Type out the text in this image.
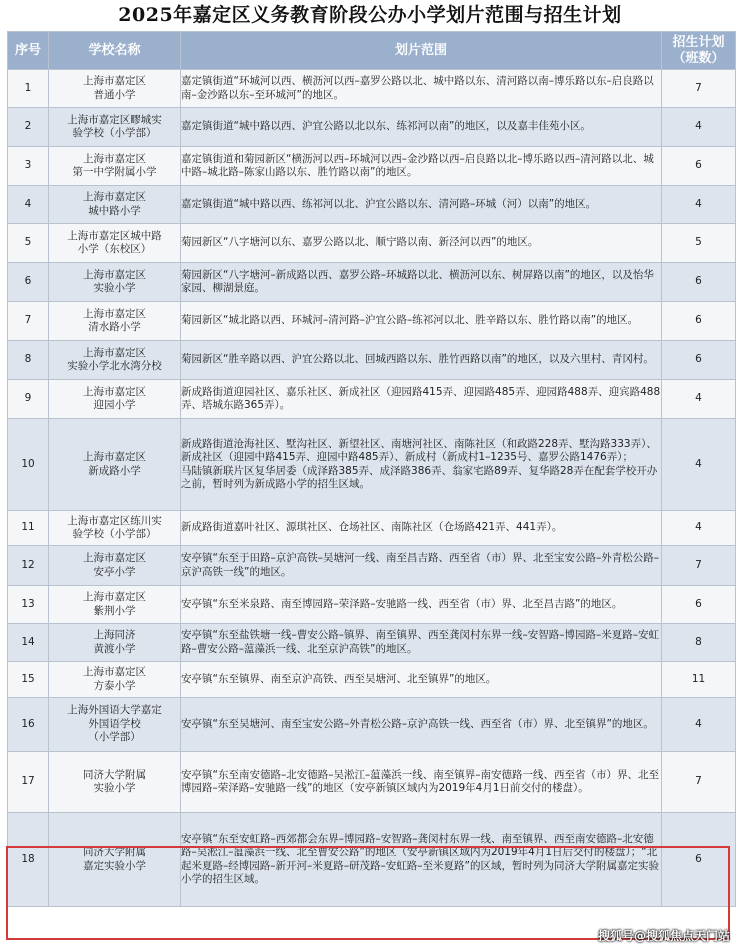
2025年嘉定区义务教育阶段公办小学划片范围与招生计划
序号	学校名称	划片范围	招生计划
（班数）

1	上海市嘉定区
普通小学	嘉定镇街道“环城河以西、横沥河以西–嘉罗公路以北、城中路以东、清河路以南–博乐路以东–启良路以南–金沙路以东–至环城河”的地区。	7
2	上海市嘉定区疁城实
验学校（小学部）	嘉定镇街道“城中路以西、沪宜公路以北以东、练祁河以南”的地区，以及嘉丰佳苑小区。	4
3	上海市嘉定区
第一中学附属小学	嘉定镇街道和菊园新区“横沥河以西–环城河以西–金沙路以西–启良路以北–博乐路以西–清河路以北、城中路–城北路–陈家山路以东、胜竹路以南”的地区。	6
4	上海市嘉定区
城中路小学	嘉定镇街道“城中路以西、练祁河以北、沪宜公路以东、清河路–环城（河）以南”的地区。	4
5	上海市嘉定区城中路
小学（东校区）	菊园新区“八字塘河以东、嘉罗公路以北、顺宁路以南、新泾河以西”的地区。	5
6	上海市嘉定区
实验小学	菊园新区“八字塘河–新成路以西、嘉罗公路–环城路以北、横沥河以东、树屏路以南”的地区，以及怡华家园、柳湖景庭。	6
7	上海市嘉定区
清水路小学	菊园新区“城北路以西、环城河–清河路–沪宜公路–练祁河以北、胜辛路以东、胜竹路以南”的地区。	6
8	上海市嘉定区
实验小学北水湾分校	菊园新区“胜辛路以西、沪宜公路以北、回城西路以东、胜竹西路以南”的地区，以及六里村、青冈村。	6
9	上海市嘉定区
迎园小学	新成路街道迎园社区、嘉乐社区、新成社区（迎园路415弄、迎园路485弄、迎园路488弄、迎宾路488弄、塔城东路365弄）。	4
10	上海市嘉定区
新成路小学	新成路街道沧海社区、墅沟社区、新望社区、南塘河社区、南陈社区（和政路228弄、墅沟路333弄）、新成社区（迎园中路415弄、迎园中路485弄）、新成村（新成村1–1235号、嘉罗公路1476弄）；
马陆镇新联片区复华居委（成泽路385弄、成泽路386弄、翁家宅路89弄、复华路28弄在配套学校开办之前，暂时列为新成路小学的招生区域。	4
11	上海市嘉定区练川实
验学校（小学部）	新成路街道嘉叶社区、源琪社区、仓场社区、南陈社区（仓场路421弄、441弄）。	4
12	上海市嘉定区
安亭小学	安亭镇“东至于田路–京沪高铁–吴塘河一线、南至昌吉路、西至省（市）界、北至宝安公路–外青松公路–京沪高铁一线”的地区。	7
13	上海市嘉定区
紫荆小学	安亭镇“东至米泉路、南至博园路–荣泽路–安驰路一线、西至省（市）界、北至昌吉路”的地区。	6
14	上海同济
黄渡小学	安亭镇“东至盐铁塘一线–曹安公路–镇界、南至镇界、西至龚闵村东界一线–安智路–博园路–米夏路–安虹路–曹安公路–蕰藻浜一线、北至京沪高铁”的地区。	8
15	上海市嘉定区
方泰小学	安亭镇“东至镇界、南至京沪高铁、西至吴塘河、北至镇界”的地区。	11
16	上海外国语大学嘉定
外国语学校
（小学部）	安亭镇“东至吴塘河、南至宝安公路–外青松公路–京沪高铁一线、西至省（市）界、北至镇界”的地区。	4
17	同济大学附属
实验小学	安亭镇“东至南安德路–北安德路–吴淞江–蕰藻浜一线、南至镇界–南安德路一线、西至省（市）界、北至博园路–荣泽路–安驰路一线”的地区（安亭新镇区域内为2019年4月1日前交付的楼盘）。	7
18	同济大学附属
嘉定实验小学	安亭镇“东至安虹路–西郊都会东界–博园路–安智路–龚闵村东界一线、南至镇界、西至南安德路–北安德路–吴淞江–蕰藻浜一线、北至曹安公路”的地区（安亭新镇区域内为2019年4月1日后交付的楼盘）；“北起米夏路–经博园路–新开河–米夏路–研茂路–安虹路–至米夏路”的区域，暂时列为同济大学附属嘉定实验小学的招生区域。	6
搜狐号@搜狐焦点天门站
